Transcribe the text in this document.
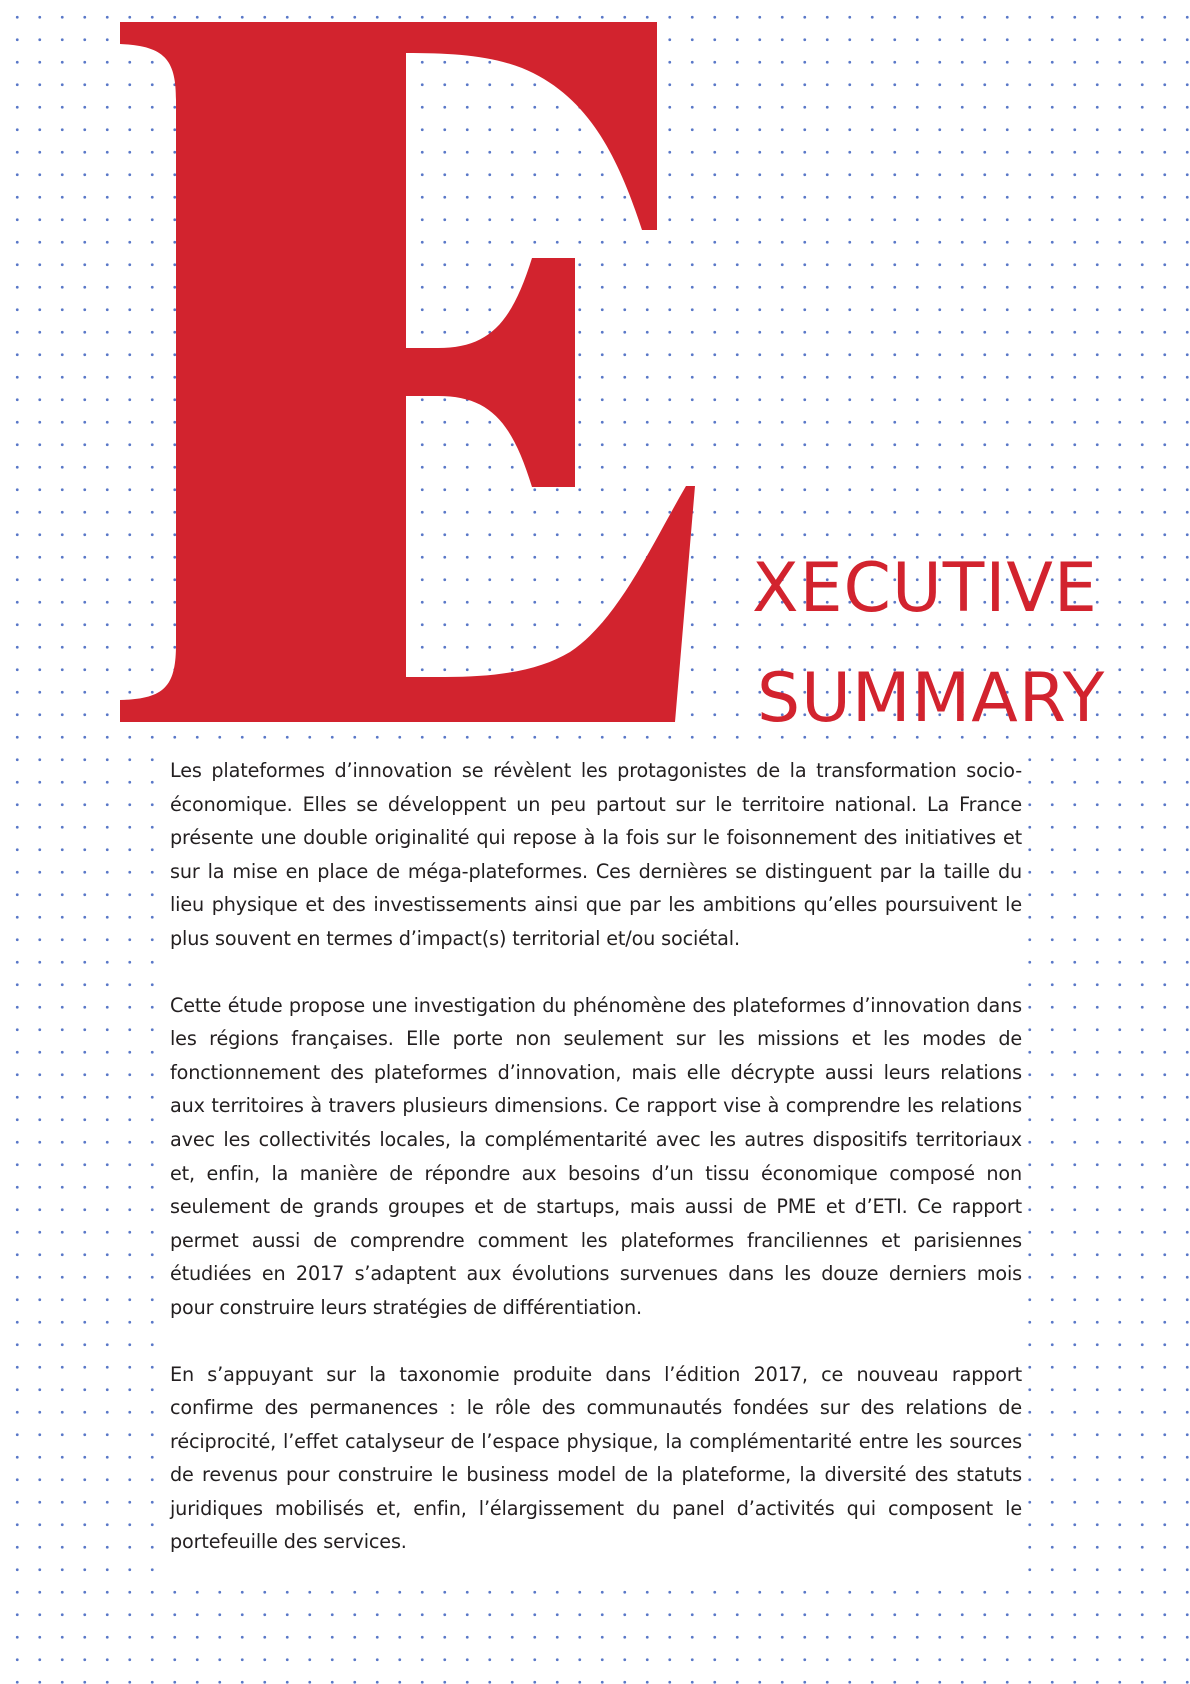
XECUTIVE
SUMMARY

Les plateformes d’innovation se révèlent les protagonistes de la transformation socio-économique. Elles se développent un peu partout sur le territoire national. La France présente une double originalité qui repose à la fois sur le foisonnement des initiatives et sur la mise en place de méga-plateformes. Ces dernières se distinguent par la taille du lieu physique et des investissements ainsi que par les ambitions qu’elles poursuivent le plus souvent en termes d’impact(s) territorial et/ou sociétal.

Cette étude propose une investigation du phénomène des plateformes d’innovation dans les régions françaises. Elle porte non seulement sur les missions et les modes de fonctionnement des plateformes d’innovation, mais elle décrypte aussi leurs relations aux territoires à travers plusieurs dimensions. Ce rapport vise à comprendre les relations avec les collectivités locales, la complémentarité avec les autres dispositifs territoriaux et, enfin, la manière de répondre aux besoins d’un tissu économique composé non seulement de grands groupes et de startups, mais aussi de PME et d’ETI. Ce rapport permet aussi de comprendre comment les plateformes franciliennes et parisiennes étudiées en 2017 s’adaptent aux évolutions survenues dans les douze derniers mois pour construire leurs stratégies de différentiation.

En s’appuyant sur la taxonomie produite dans l’édition 2017, ce nouveau rapport confirme des permanences : le rôle des communautés fondées sur des relations de réciprocité, l’effet catalyseur de l’espace physique, la complémentarité entre les sources de revenus pour construire le business model de la plateforme, la diversité des statuts juridiques mobilisés et, enfin, l’élargissement du panel d’activités qui composent le portefeuille des services.
